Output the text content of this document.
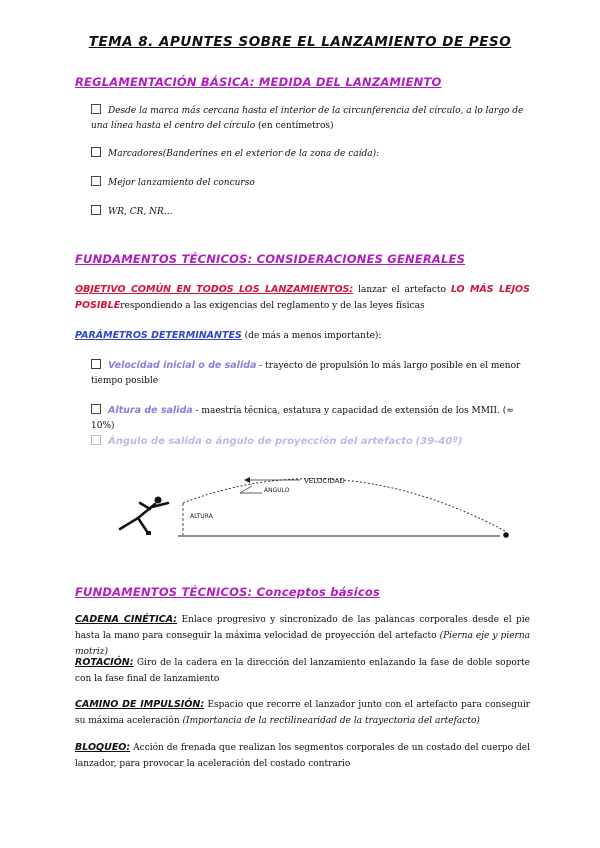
TEMA 8. APUNTES SOBRE EL LANZAMIENTO DE PESO
REGLAMENTACIÓN BÁSICA: MEDIDA DEL LANZAMIENTO
Desde la marca más cercana hasta el interior de la circunferencia del círculo, a lo largo de una línea hasta el centro del círculo (en centímetros)
Marcadores(Banderines en el exterior de la zona de caída):
Mejor lanzamiento del concurso
WR, CR, NR…
FUNDAMENTOS TÉCNICOS: CONSIDERACIONES GENERALES
OBJETIVO COMÚN EN TODOS LOS LANZAMIENTOS: lanzar el artefacto LO MÁS LEJOS POSIBLErespondiendo a las exigencias del reglamento y de las leyes físicas
PARÁMETROS DETERMINANTES (de más a menos importante):
Velocidad inicial o de salida - trayecto de propulsión lo más largo posible en el menor tiempo posible
Altura de salida - maestría técnica, estatura y capacidad de extensión de los MMII. (≈ 10%)
Ángulo de salida o ángulo de proyección del artefacto (39-40º)
VELOCIDAD
ÁNGULO
ALTURA
FUNDAMENTOS TÉCNICOS: Conceptos básicos
CADENA CINÉTICA: Enlace progresivo y sincronizado de las palancas corporales desde el pie hasta la mano para conseguir la máxima velocidad de proyección del artefacto (Pierna eje y pierna motriz)
ROTACIÓN: Giro de la cadera en la dirección del lanzamiento enlazando la fase de doble soporte con la fase final de lanzamiento
CAMINO DE IMPULSIÓN: Espacio que recorre el lanzador junto con el artefacto para conseguir su máxima aceleración (Importancia de la rectilinearidad de la trayectoria del artefacto)
BLOQUEO: Acción de frenada que realizan los segmentos corporales de un costado del cuerpo del lanzador, para provocar la aceleración del costado contrario
